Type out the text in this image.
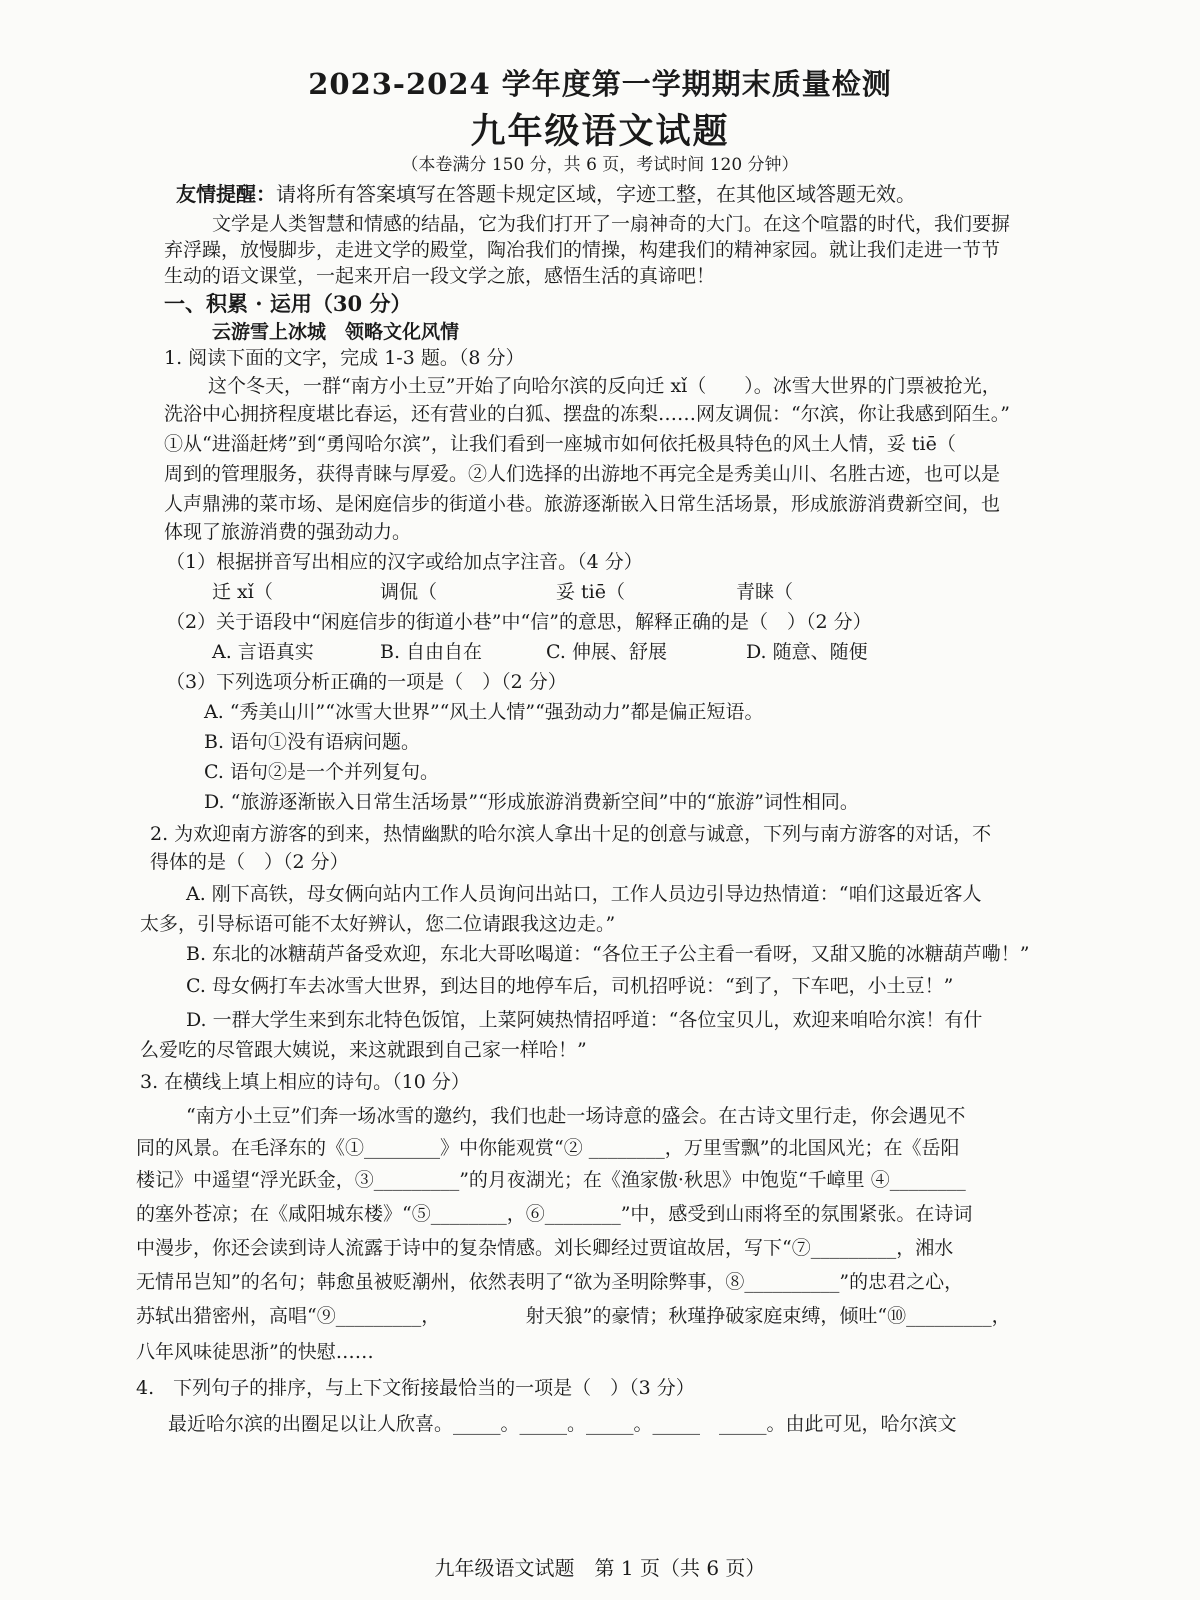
2023-2024 学年度第一学期期末质量检测
九年级语文试题
（本卷满分 150 分，共 6 页，考试时间 120 分钟）
友情提醒：请将所有答案填写在答题卡规定区域，字迹工整，在其他区域答题无效。
文学是人类智慧和情感的结晶，它为我们打开了一扇神奇的大门。在这个喧嚣的时代，我们要摒
弃浮躁，放慢脚步，走进文学的殿堂，陶冶我们的情操，构建我们的精神家园。就让我们走进一节节
生动的语文课堂，一起来开启一段文学之旅，感悟生活的真谛吧！
一、积累 · 运用（30 分）
云游雪上冰城　领略文化风情
1. 阅读下面的文字，完成 1-3 题。（8 分）
这个冬天，一群“南方小土豆”开始了向哈尔滨的反向迁 xǐ（　　）。冰雪大世界的门票被抢光，
洗浴中心拥挤程度堪比春运，还有营业的白狐、摆盘的冻梨……网友调侃：“尔滨，你让我感到陌生。”
①从“进淄赶烤”到“勇闯哈尔滨”，让我们看到一座城市如何依托极具特色的风土人情，妥 tiē（
周到的管理服务，获得青睐与厚爱。②人们选择的出游地不再完全是秀美山川、名胜古迹，也可以是
人声鼎沸的菜市场、是闲庭信步的街道小巷。旅游逐渐嵌入日常生活场景，形成旅游消费新空间，也
体现了旅游消费的强劲动力。
（1）根据拼音写出相应的汉字或给加点字注音。（4 分）
迁 xǐ（	调侃（	妥 tiē（	青睐（
（2）关于语段中“闲庭信步的街道小巷”中“信”的意思，解释正确的是（　）（2 分）
A. 言语真实	B. 自由自在	C. 伸展、舒展	D. 随意、随便
（3）下列选项分析正确的一项是（　）（2 分）
A. “秀美山川”“冰雪大世界”“风土人情”“强劲动力”都是偏正短语。
B. 语句①没有语病问题。
C. 语句②是一个并列复句。
D. “旅游逐渐嵌入日常生活场景”“形成旅游消费新空间”中的“旅游”词性相同。
2. 为欢迎南方游客的到来，热情幽默的哈尔滨人拿出十足的创意与诚意，下列与南方游客的对话，不
得体的是（　）（2 分）
A. 刚下高铁，母女俩向站内工作人员询问出站口，工作人员边引导边热情道：“咱们这最近客人
太多，引导标语可能不太好辨认，您二位请跟我这边走。”
B. 东北的冰糖葫芦备受欢迎，东北大哥吆喝道：“各位王子公主看一看呀，又甜又脆的冰糖葫芦嘞！”
C. 母女俩打车去冰雪大世界，到达目的地停车后，司机招呼说：“到了，下车吧，小土豆！”
D. 一群大学生来到东北特色饭馆，上菜阿姨热情招呼道：“各位宝贝儿，欢迎来咱哈尔滨！有什
么爱吃的尽管跟大姨说，来这就跟到自己家一样哈！”
3. 在横线上填上相应的诗句。（10 分）
“南方小土豆”们奔一场冰雪的邀约，我们也赴一场诗意的盛会。在古诗文里行走，你会遇见不
同的风景。在毛泽东的《①________》中你能观赏“② ________，万里雪飘”的北国风光；在《岳阳
楼记》中遥望“浮光跃金，③_________”的月夜湖光；在《渔家傲·秋思》中饱览“千嶂里 ④________
的塞外苍凉；在《咸阳城东楼》“⑤________，⑥________”中，感受到山雨将至的氛围紧张。在诗词
中漫步，你还会读到诗人流露于诗中的复杂情感。刘长卿经过贾谊故居，写下“⑦_________，湘水
无情吊岂知”的名句；韩愈虽被贬潮州，依然表明了“欲为圣明除弊事，⑧__________”的忠君之心，
苏轼出猎密州，高唱“⑨_________，　　　　　射天狼”的豪情；秋瑾挣破家庭束缚，倾吐“⑩_________，
八年风味徒思浙”的快慰……
4.　下列句子的排序，与上下文衔接最恰当的一项是（　）（3 分）
最近哈尔滨的出圈足以让人欣喜。_____。_____。_____。_____　_____。由此可见，哈尔滨文
九年级语文试题　第 1 页（共 6 页）
